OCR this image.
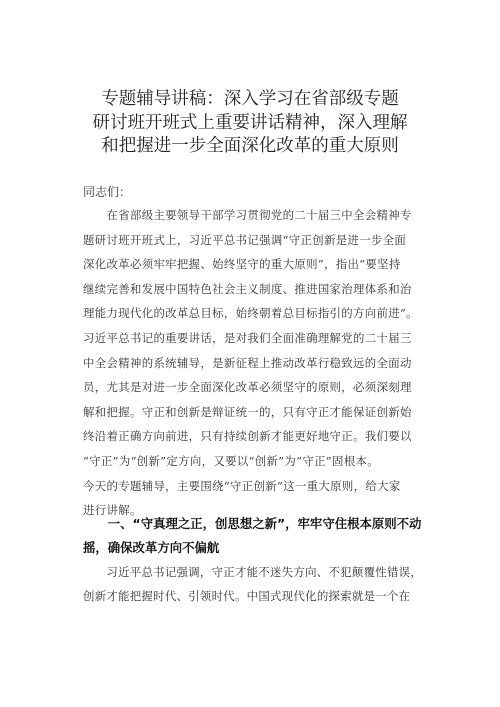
专题辅导讲稿：深入学习在省部级专题
研讨班开班式上重要讲话精神，深入理解
和把握进一步全面深化改革的重大原则
同志们：
　　在省部级主要领导干部学习贯彻党的二十届三中全会精神专
题研讨班开班式上，习近平总书记强调“守正创新是进一步全面
深化改革必须牢牢把握、始终坚守的重大原则”，指出“要坚持
继续完善和发展中国特色社会主义制度、推进国家治理体系和治
理能力现代化的改革总目标，始终朝着总目标指引的方向前进”。
习近平总书记的重要讲话，是对我们全面准确理解党的二十届三
中全会精神的系统辅导，是新征程上推动改革行稳致远的全面动
员，尤其是对进一步全面深化改革必须坚守的原则，必须深刻理
解和把握。守正和创新是辩证统一的，只有守正才能保证创新始
终沿着正确方向前进，只有持续创新才能更好地守正。我们要以
“守正”为“创新”定方向，又要以“创新”为“守正”固根本。
今天的专题辅导，主要围绕“守正创新”这一重大原则，给大家
进行讲解。
　　一、“守真理之正，创思想之新”，牢牢守住根本原则不动
摇，确保改革方向不偏航
　　习近平总书记强调，守正才能不迷失方向、不犯颠覆性错误，
创新才能把握时代、引领时代。中国式现代化的探索就是一个在
